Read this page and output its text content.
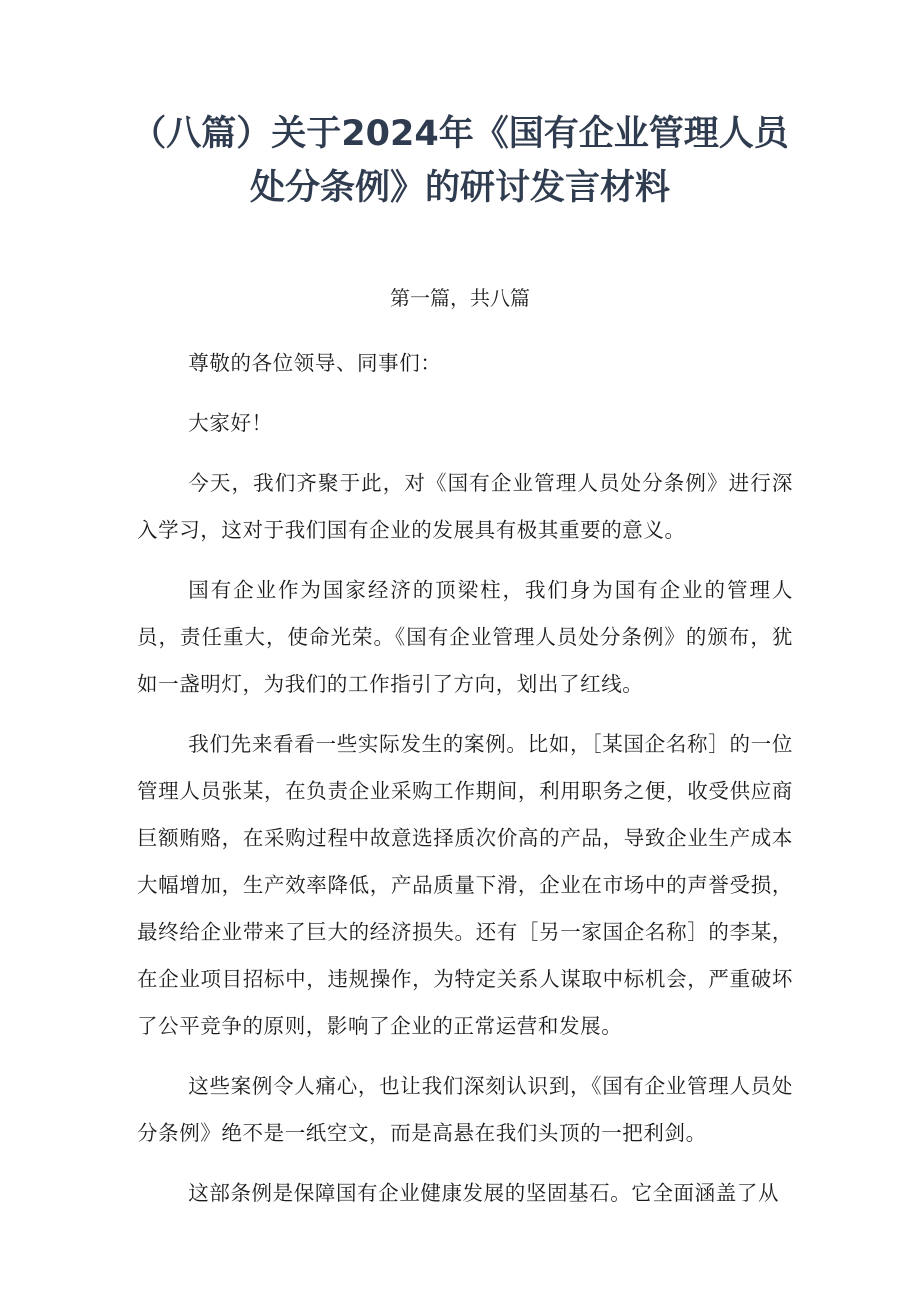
（八篇）关于2024年《国有企业管理人员
处分条例》的研讨发言材料
第一篇，共八篇

尊敬的各位领导、同事们：

大家好！

今天，我们齐聚于此，对《国有企业管理人员处分条例》进行深入学习，这对于我们国有企业的发展具有极其重要的意义。

国有企业作为国家经济的顶梁柱，我们身为国有企业的管理人员，责任重大，使命光荣。《国有企业管理人员处分条例》的颁布，犹如一盏明灯，为我们的工作指引了方向，划出了红线。

我们先来看看一些实际发生的案例。比如，［某国企名称］的一位管理人员张某，在负责企业采购工作期间，利用职务之便，收受供应商巨额贿赂，在采购过程中故意选择质次价高的产品，导致企业生产成本大幅增加，生产效率降低，产品质量下滑，企业在市场中的声誉受损，最终给企业带来了巨大的经济损失。还有［另一家国企名称］的李某，在企业项目招标中，违规操作，为特定关系人谋取中标机会，严重破坏了公平竞争的原则，影响了企业的正常运营和发展。

这些案例令人痛心，也让我们深刻认识到，《国有企业管理人员处分条例》绝不是一纸空文，而是高悬在我们头顶的一把利剑。

这部条例是保障国有企业健康发展的坚固基石。它全面涵盖了从
